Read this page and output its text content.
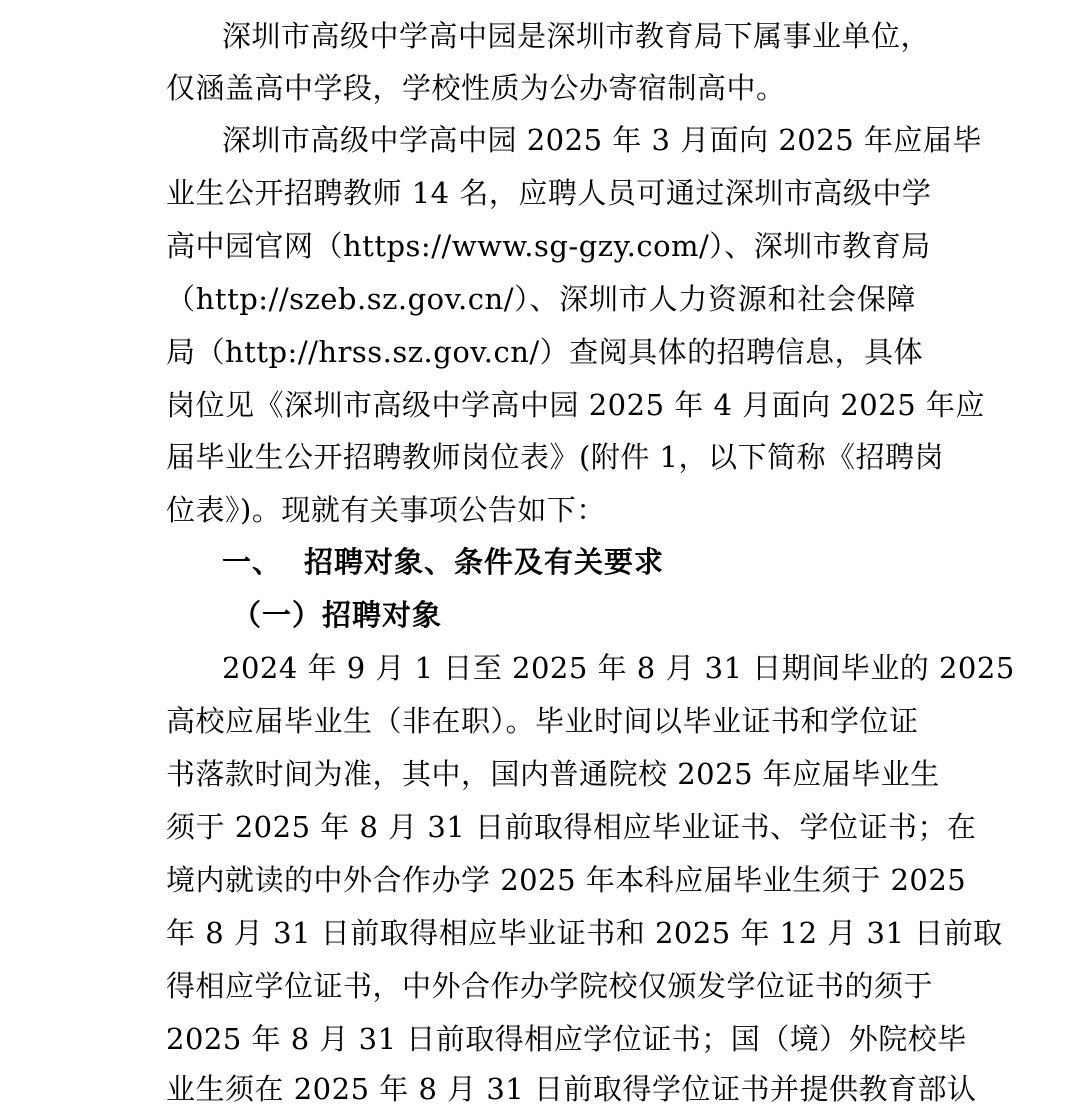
深圳市高级中学高中园是深圳市教育局下属事业单位，
仅涵盖高中学段，学校性质为公办寄宿制高中。
深圳市高级中学高中园 2025 年 3 月面向 2025 年应届毕
业生公开招聘教师 14 名，应聘人员可通过深圳市高级中学
高中园官网（https://www.sg-gzy.com/）、深圳市教育局
（http://szeb.sz.gov.cn/）、深圳市人力资源和社会保障
局（http://hrss.sz.gov.cn/）查阅具体的招聘信息，具体
岗位见《深圳市高级中学高中园 2025 年 4 月面向 2025 年应
届毕业生公开招聘教师岗位表》(附件 1，以下简称《招聘岗
位表》)。现就有关事项公告如下：
一、 招聘对象、条件及有关要求
（一）招聘对象
2024 年 9 月 1 日至 2025 年 8 月 31 日期间毕业的 2025
高校应届毕业生（非在职）。毕业时间以毕业证书和学位证
书落款时间为准，其中，国内普通院校 2025 年应届毕业生
须于 2025 年 8 月 31 日前取得相应毕业证书、学位证书；在
境内就读的中外合作办学 2025 年本科应届毕业生须于 2025
年 8 月 31 日前取得相应毕业证书和 2025 年 12 月 31 日前取
得相应学位证书，中外合作办学院校仅颁发学位证书的须于
2025 年 8 月 31 日前取得相应学位证书；国（境）外院校毕
业生须在 2025 年 8 月 31 日前取得学位证书并提供教育部认
